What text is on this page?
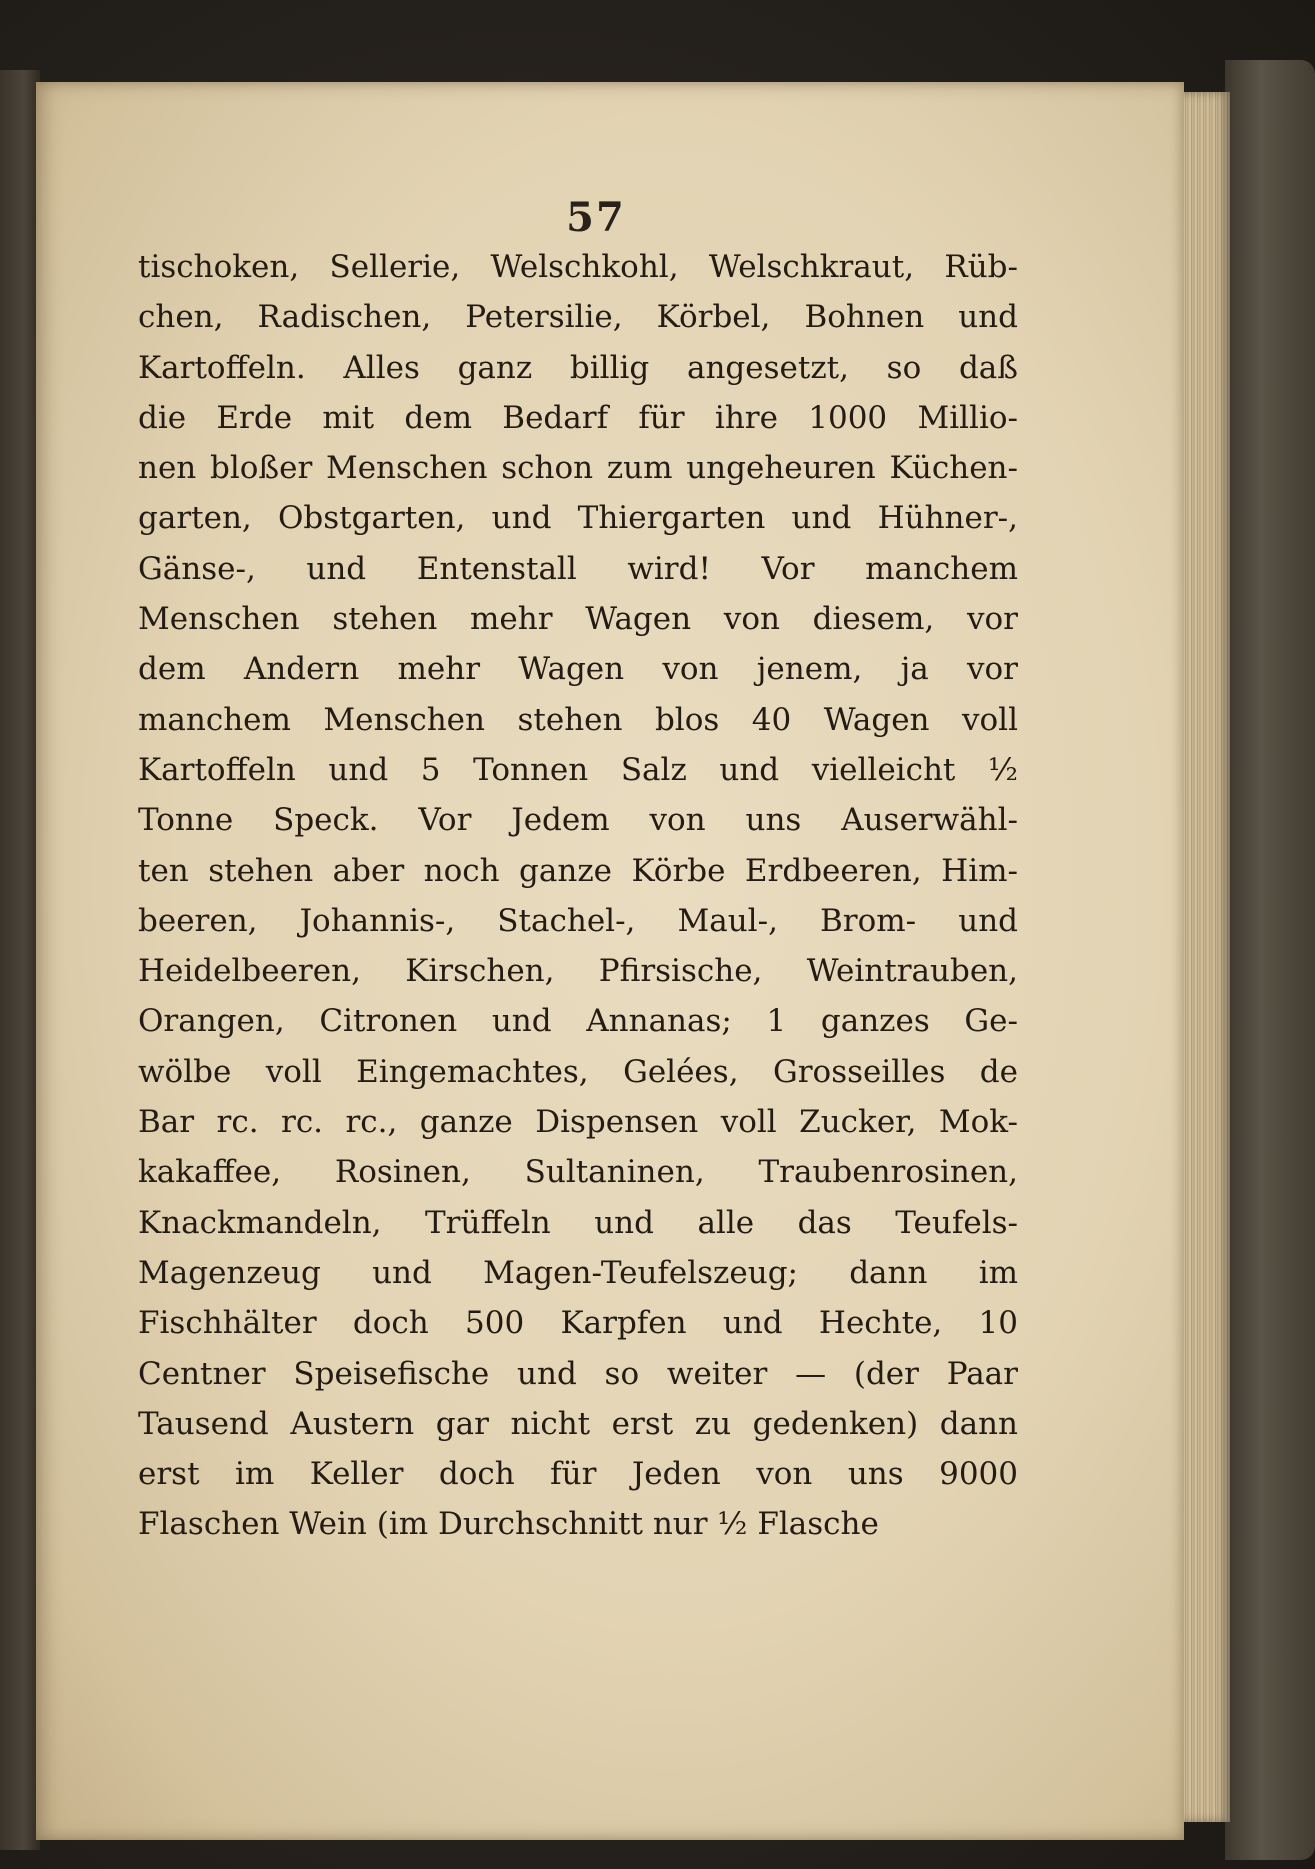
57
tischoken, Sellerie, Welschkohl, Welschkraut, Rüb-
chen, Radischen, Petersilie, Körbel, Bohnen und
Kartoffeln. Alles ganz billig angesetzt, so daß
die Erde mit dem Bedarf für ihre 1000 Millio-
nen bloßer Menschen schon zum ungeheuren Küchen-
garten, Obstgarten, und Thiergarten und Hühner-,
Gänse-, und Entenstall wird! Vor manchem
Menschen stehen mehr Wagen von diesem, vor
dem Andern mehr Wagen von jenem, ja vor
manchem Menschen stehen blos 40 Wagen voll
Kartoffeln und 5 Tonnen Salz und vielleicht ½
Tonne Speck. Vor Jedem von uns Auserwähl-
ten stehen aber noch ganze Körbe Erdbeeren, Him-
beeren, Johannis-, Stachel-, Maul-, Brom- und
Heidelbeeren, Kirschen, Pfirsische, Weintrauben,
Orangen, Citronen und Annanas; 1 ganzes Ge-
wölbe voll Eingemachtes, Gelées, Grosseilles de
Bar rc. rc. rc., ganze Dispensen voll Zucker, Mok-
kakaffee, Rosinen, Sultaninen, Traubenrosinen,
Knackmandeln, Trüffeln und alle das Teufels-
Magenzeug und Magen-Teufelszeug; dann im
Fischhälter doch 500 Karpfen und Hechte, 10
Centner Speisefische und so weiter — (der Paar
Tausend Austern gar nicht erst zu gedenken) dann
erst im Keller doch für Jeden von uns 9000
Flaschen Wein (im Durchschnitt nur ½ Flasche
